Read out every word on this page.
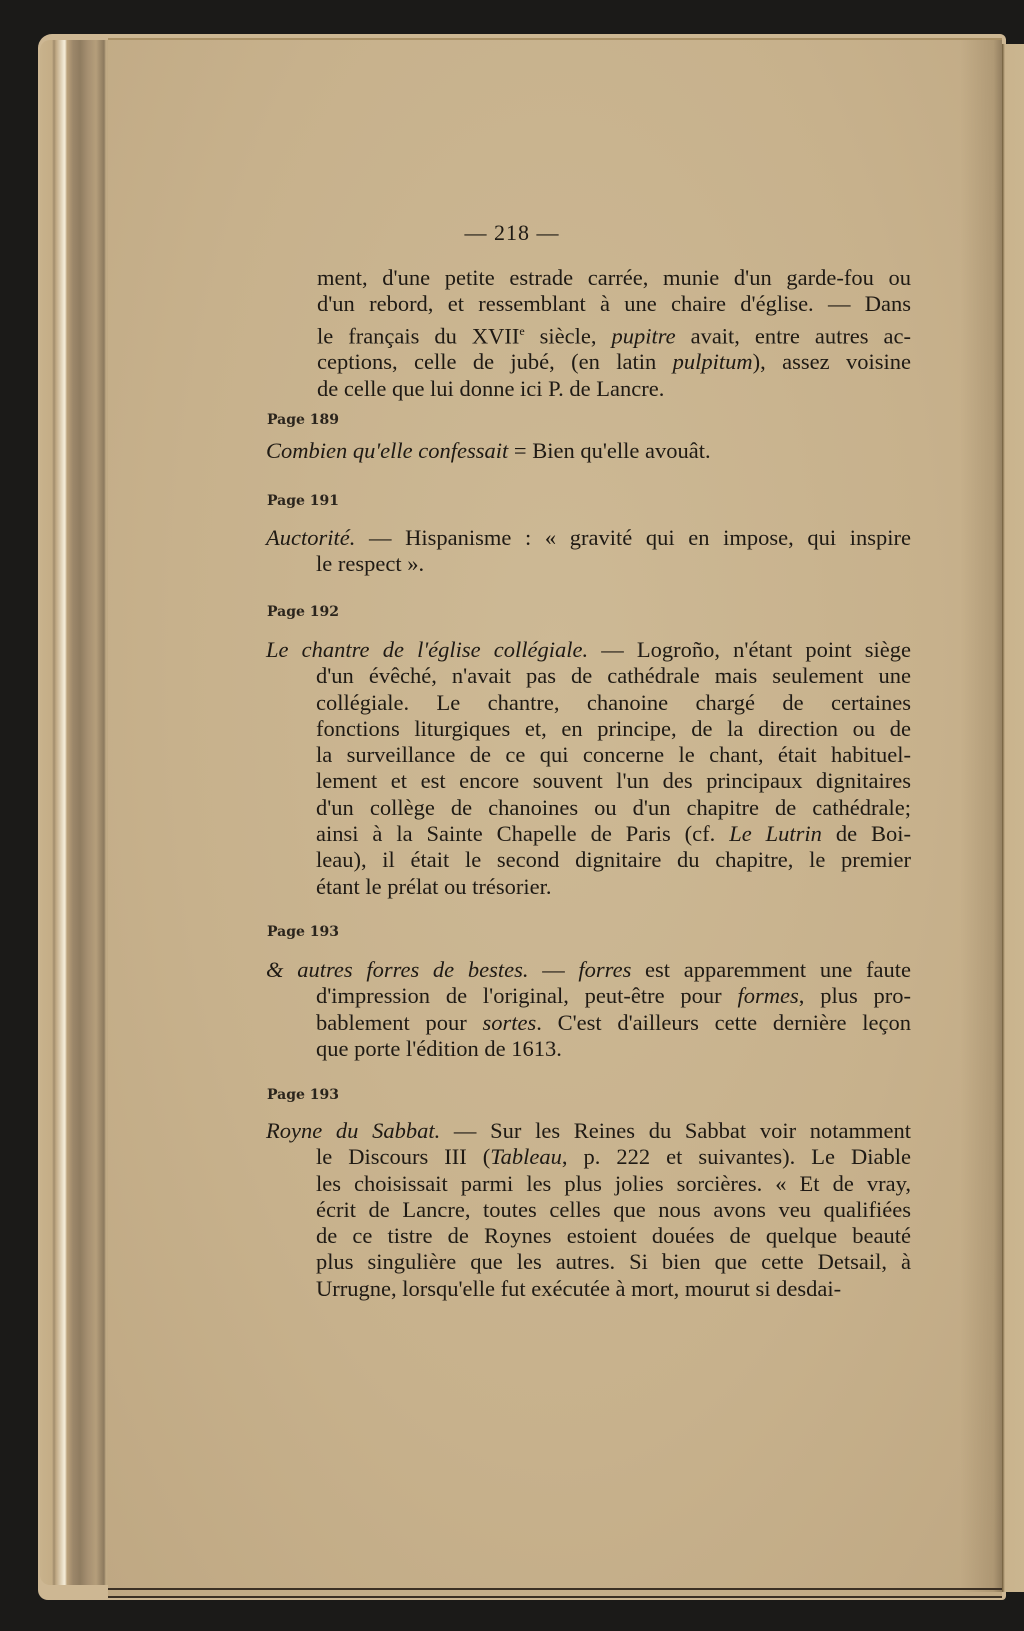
— 218 —
ment, d'une petite estrade carrée, munie d'un garde-fou ou
d'un rebord, et ressemblant à une chaire d'église. — Dans
le français du XVIIe siècle, pupitre avait, entre autres ac-
ceptions, celle de jubé, (en latin pulpitum), assez voisine
de celle que lui donne ici P. de Lancre.
Page 189
Combien qu'elle confessait = Bien qu'elle avouât.
Page 191
Auctorité. — Hispanisme : « gravité qui en impose, qui inspire
le respect ».
Page 192
Le chantre de l'église collégiale. — Logroño, n'étant point siège
d'un évêché, n'avait pas de cathédrale mais seulement une
collégiale. Le chantre, chanoine chargé de certaines
fonctions liturgiques et, en principe, de la direction ou de
la surveillance de ce qui concerne le chant, était habituel-
lement et est encore souvent l'un des principaux dignitaires
d'un collège de chanoines ou d'un chapitre de cathédrale;
ainsi à la Sainte Chapelle de Paris (cf. Le Lutrin de Boi-
leau), il était le second dignitaire du chapitre, le premier
étant le prélat ou trésorier.
Page 193
& autres forres de bestes. — forres est apparemment une faute
d'impression de l'original, peut-être pour formes, plus pro-
bablement pour sortes. C'est d'ailleurs cette dernière leçon
que porte l'édition de 1613.
Page 193
Royne du Sabbat. — Sur les Reines du Sabbat voir notamment
le Discours III (Tableau, p. 222 et suivantes). Le Diable
les choisissait parmi les plus jolies sorcières. « Et de vray,
écrit de Lancre, toutes celles que nous avons veu qualifiées
de ce tistre de Roynes estoient douées de quelque beauté
plus singulière que les autres. Si bien que cette Detsail, à
Urrugne, lorsqu'elle fut exécutée à mort, mourut si desdai-
